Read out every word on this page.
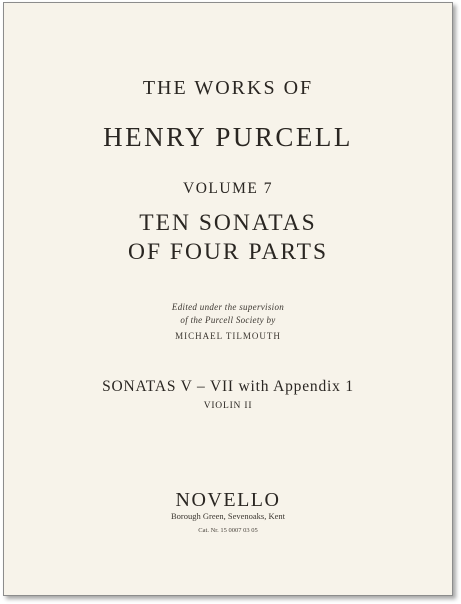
THE WORKS OF
HENRY PURCELL
VOLUME 7
TEN SONATAS
OF FOUR PARTS
Edited under the supervision
of the Purcell Society by
MICHAEL TILMOUTH
SONATAS V – VII with Appendix 1
VIOLIN II
NOVELLO
Borough Green, Sevenoaks, Kent
Cat. Nr. 15 0007 03 05
